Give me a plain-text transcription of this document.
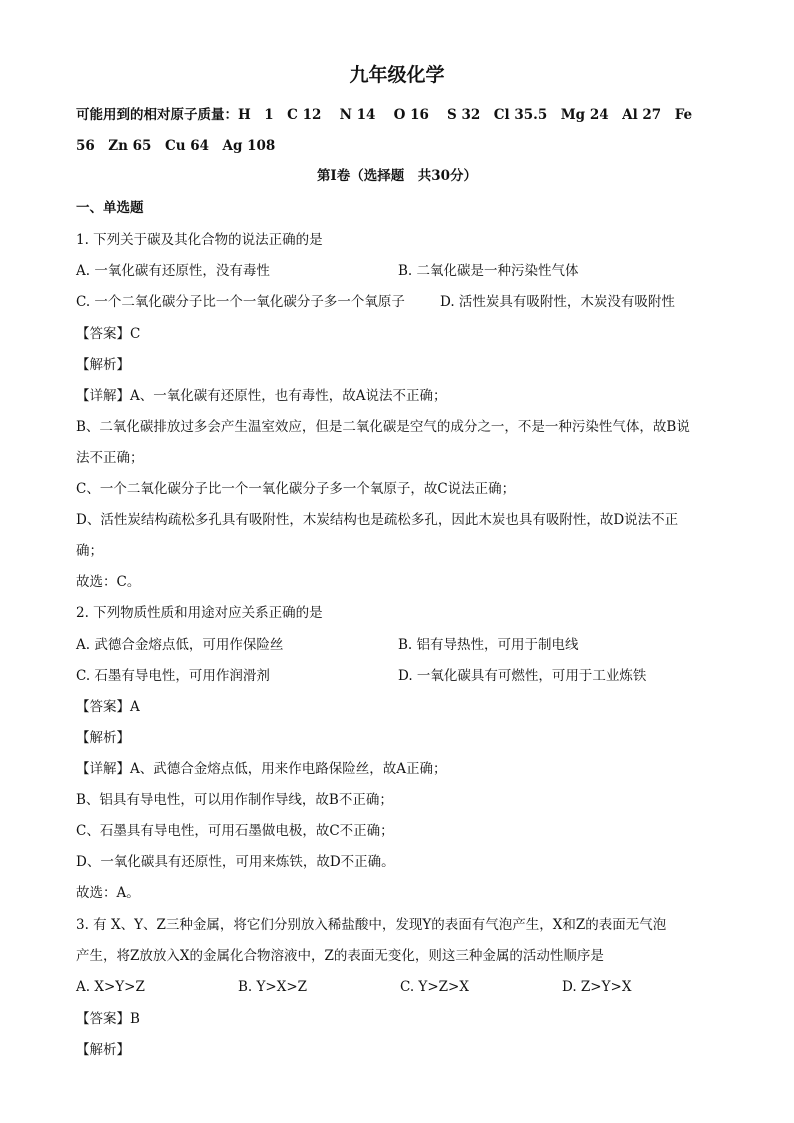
九年级化学
可能用到的相对原子质量：H　1　C 12　 N 14　 O 16　 S 32　Cl 35.5　Mg 24　Al 27　Fe
56　Zn 65　Cu 64　Ag 108
第Ⅰ卷（选择题　共30分）
一、单选题
1. 下列关于碳及其化合物的说法正确的是
A. 一氧化碳有还原性，没有毒性	B. 二氧化碳是一种污染性气体
C. 一个二氧化碳分子比一个一氧化碳分子多一个氧原子	D. 活性炭具有吸附性，木炭没有吸附性
【答案】C
【解析】
【详解】A、一氧化碳有还原性，也有毒性，故A说法不正确；
B、二氧化碳排放过多会产生温室效应，但是二氧化碳是空气的成分之一，不是一种污染性气体，故B说
法不正确；
C、一个二氧化碳分子比一个一氧化碳分子多一个氧原子，故C说法正确；
D、活性炭结构疏松多孔具有吸附性，木炭结构也是疏松多孔，因此木炭也具有吸附性，故D说法不正
确；
故选：C。
2. 下列物质性质和用途对应关系正确的是
A. 武德合金熔点低，可用作保险丝	B. 铝有导热性，可用于制电线
C. 石墨有导电性，可用作润滑剂	D. 一氧化碳具有可燃性，可用于工业炼铁
【答案】A
【解析】
【详解】A、武德合金熔点低，用来作电路保险丝，故A正确；
B、铝具有导电性，可以用作制作导线，故B不正确；
C、石墨具有导电性，可用石墨做电极，故C不正确；
D、一氧化碳具有还原性，可用来炼铁，故D不正确。
故选：A。
3. 有 X、Y、Z三种金属，将它们分别放入稀盐酸中，发现Y的表面有气泡产生，X和Z的表面无气泡
产生，将Z放放入X的金属化合物溶液中，Z的表面无变化，则这三种金属的活动性顺序是
A. X>Y>Z	B. Y>X>Z	C. Y>Z>X	D. Z>Y>X
【答案】B
【解析】
